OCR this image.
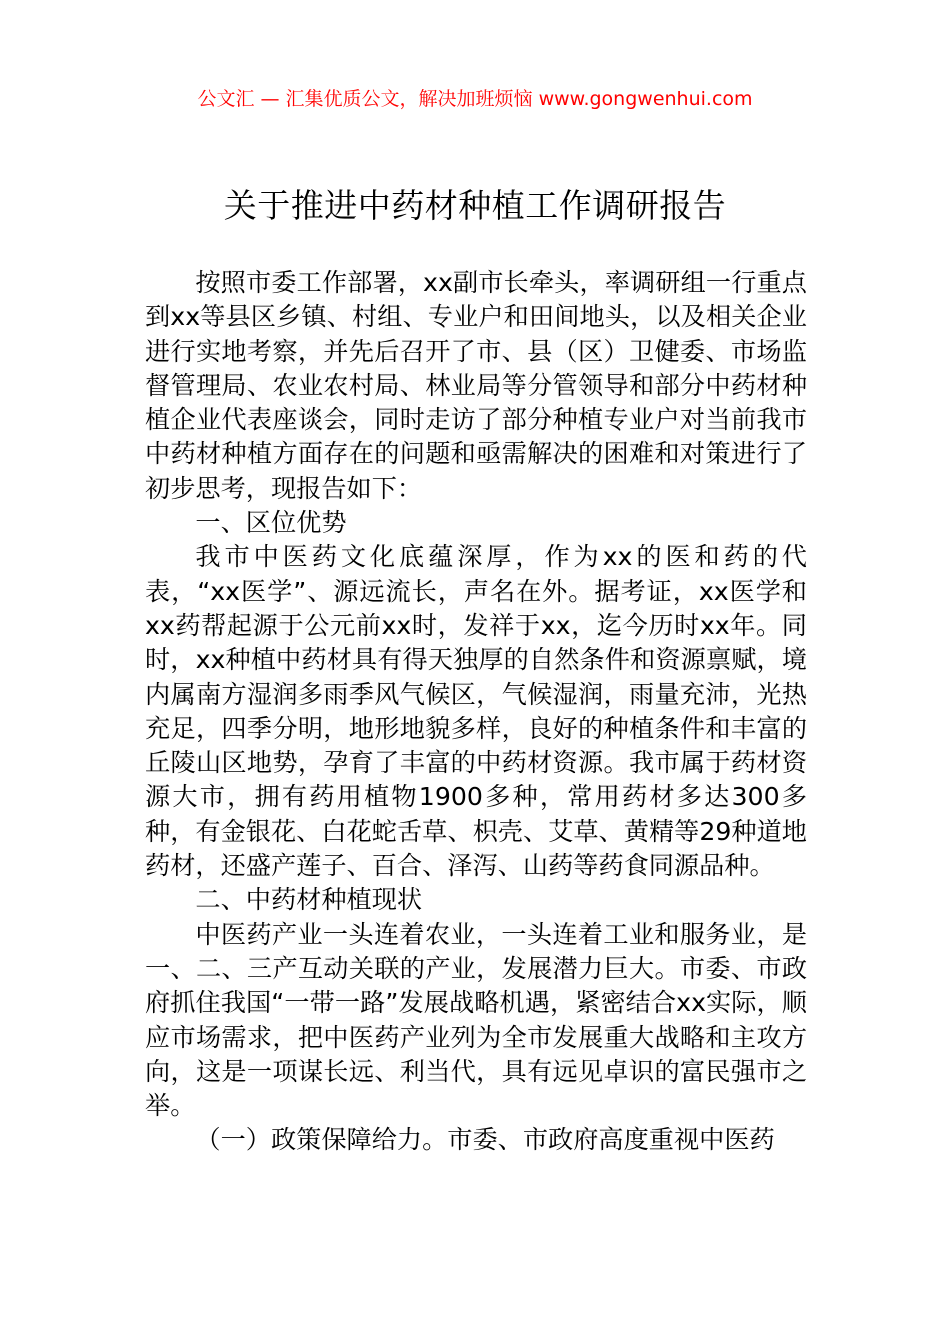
公文汇 — 汇集优质公文，解决加班烦恼 www.gongwenhui.com
关于推进中药材种植工作调研报告

按照市委工作部署，xx副市长牵头，率调研组一行重点到xx等县区乡镇、村组、专业户和田间地头，以及相关企业进行实地考察，并先后召开了市、县（区）卫健委、市场监督管理局、农业农村局、林业局等分管领导和部分中药材种植企业代表座谈会，同时走访了部分种植专业户对当前我市中药材种植方面存在的问题和亟需解决的困难和对策进行了初步思考，现报告如下：

一、区位优势

我市中医药文化底蕴深厚，作为xx的医和药的代表，“xx医学”、源远流长，声名在外。据考证，xx医学和xx药帮起源于公元前xx时，发祥于xx，迄今历时xx年。同时，xx种植中药材具有得天独厚的自然条件和资源禀赋，境内属南方湿润多雨季风气候区，气候湿润，雨量充沛，光热充足，四季分明，地形地貌多样，良好的种植条件和丰富的丘陵山区地势，孕育了丰富的中药材资源。我市属于药材资源大市，拥有药用植物1900多种，常用药材多达300多种，有金银花、白花蛇舌草、枳壳、艾草、黄精等29种道地药材，还盛产莲子、百合、泽泻、山药等药食同源品种。

二、中药材种植现状

中医药产业一头连着农业，一头连着工业和服务业，是一、二、三产互动关联的产业，发展潜力巨大。市委、市政府抓住我国“一带一路”发展战略机遇，紧密结合xx实际，顺应市场需求，把中医药产业列为全市发展重大战略和主攻方向，这是一项谋长远、利当代，具有远见卓识的富民强市之举。

（一）政策保障给力。市委、市政府高度重视中医药
